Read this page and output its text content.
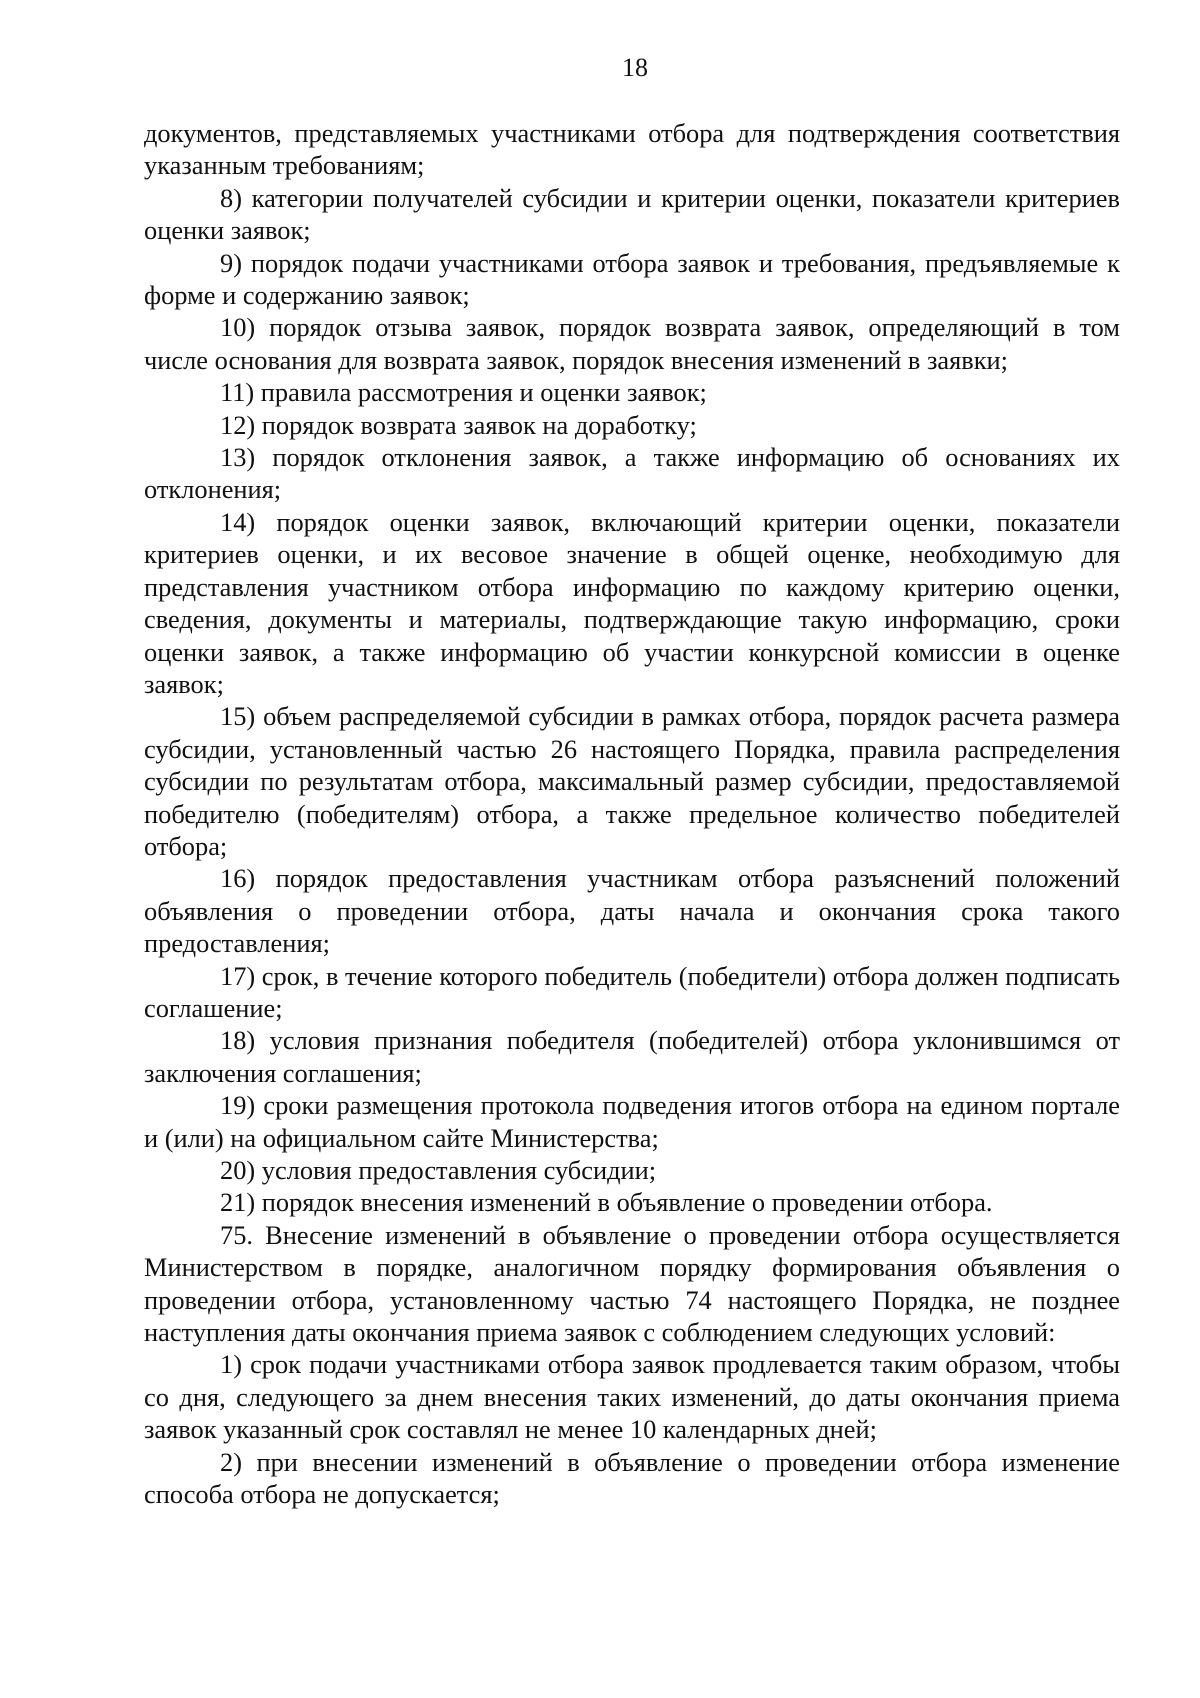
18

документов, представляемых участниками отбора для подтверждения соответствия указанным требованиям;

8) категории получателей субсидии и критерии оценки, показатели критериев оценки заявок;

9) порядок подачи участниками отбора заявок и требования, предъявляемые к форме и содержанию заявок;

10) порядок отзыва заявок, порядок возврата заявок, определяющий в том числе основания для возврата заявок, порядок внесения изменений в заявки;

11) правила рассмотрения и оценки заявок;

12) порядок возврата заявок на доработку;

13) порядок отклонения заявок, а также информацию об основаниях их отклонения;

14) порядок оценки заявок, включающий критерии оценки, показатели критериев оценки, и их весовое значение в общей оценке, необходимую для представления участником отбора информацию по каждому критерию оценки, сведения, документы и материалы, подтверждающие такую информацию, сроки оценки заявок, а также информацию об участии конкурсной комиссии в оценке заявок;

15) объем распределяемой субсидии в рамках отбора, порядок расчета размера субсидии, установленный частью 26 настоящего Порядка, правила распределения субсидии по результатам отбора, максимальный размер субсидии, предоставляемой победителю (победителям) отбора, а также предельное количество победителей отбора;

16) порядок предоставления участникам отбора разъяснений положений объявления о проведении отбора, даты начала и окончания срока такого предоставления;

17) срок, в течение которого победитель (победители) отбора должен подписать соглашение;

18) условия признания победителя (победителей) отбора уклонившимся от заключения соглашения;

19) сроки размещения протокола подведения итогов отбора на едином портале и (или) на официальном сайте Министерства;

20) условия предоставления субсидии;

21) порядок внесения изменений в объявление о проведении отбора.

75. Внесение изменений в объявление о проведении отбора осуществляется Министерством в порядке, аналогичном порядку формирования объявления о проведении отбора, установленному частью 74 настоящего Порядка, не позднее наступления даты окончания приема заявок с соблюдением следующих условий:

1) срок подачи участниками отбора заявок продлевается таким образом, чтобы со дня, следующего за днем внесения таких изменений, до даты окончания приема заявок указанный срок составлял не менее 10 календарных дней;

2) при внесении изменений в объявление о проведении отбора изменение способа отбора не допускается;
